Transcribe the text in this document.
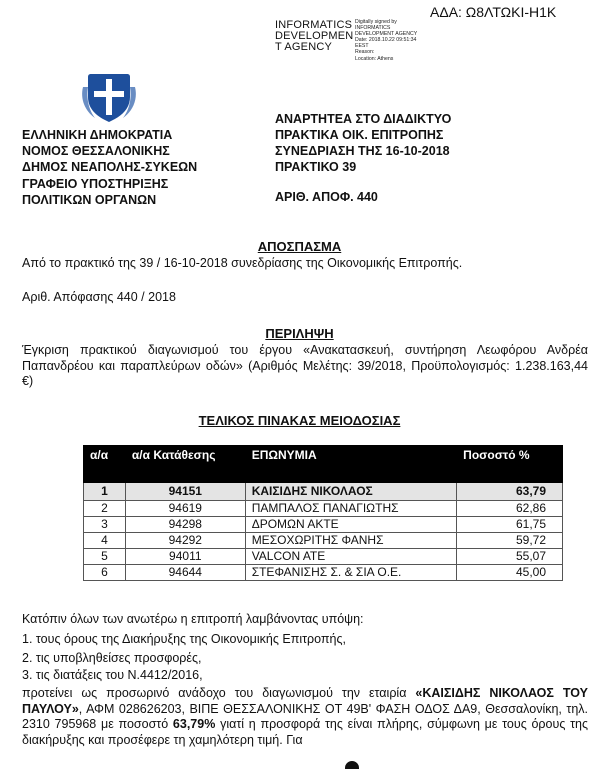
ΑΔΑ: Ω8ΛΤΩΚΙ-Η1Κ
INFORMATICS
DEVELOPMEN
T AGENCY
Digitally signed by
INFORMATICS
DEVELOPMENT AGENCY
Date: 2018.10.22 09:51:34
EEST
Reason:
Location: Athens
ΕΛΛΗΝΙΚΗ ΔΗΜΟΚΡΑΤΙΑ
ΝΟΜΟΣ ΘΕΣΣΑΛΟΝΙΚΗΣ
ΔΗΜΟΣ ΝΕΑΠΟΛΗΣ-ΣΥΚΕΩΝ
ΓΡΑΦΕΙΟ ΥΠΟΣΤΗΡΙΞΗΣ
ΠΟΛΙΤΙΚΩΝ ΟΡΓΑΝΩΝ
ΑΝΑΡΤΗΤΕΑ ΣΤΟ ΔΙΑΔΙΚΤΥΟ
ΠΡΑΚΤΙΚΑ ΟΙΚ. ΕΠΙΤΡΟΠΗΣ
ΣΥΝΕΔΡΙΑΣΗ ΤΗΣ 16-10-2018
ΠΡΑΚΤΙΚΟ 39
ΑΡΙΘ. ΑΠΟΦ. 440
ΑΠΟΣΠΑΣΜΑ
Από το πρακτικό της 39 / 16-10-2018 συνεδρίασης της Οικονομικής Επιτροπής.
Αριθ. Απόφασης 440 / 2018
ΠΕΡΙΛΗΨΗ
Έγκριση πρακτικού διαγωνισμού του έργου «Ανακατασκευή, συντήρηση Λεωφόρου Ανδρέα Παπανδρέου και παραπλεύρων οδών» (Αριθμός Μελέτης: 39/2018, Προϋπολογισμός: 1.238.163,44 €)
ΤΕΛΙΚΟΣ ΠΙΝΑΚΑΣ ΜΕΙΟΔΟΣΙΑΣ
α/α	α/α Κατάθεσης	ΕΠΩΝΥΜΙΑ	Ποσοστό %
1	94151	ΚΑΙΣΙΔΗΣ ΝΙΚΟΛΑΟΣ	63,79
2	94619	ΠΑΜΠΑΛΟΣ ΠΑΝΑΓΙΩΤΗΣ	62,86
3	94298	ΔΡΟΜΩΝ ΑΚΤΕ	61,75
4	94292	ΜΕΣΟΧΩΡΙΤΗΣ ΦΑΝΗΣ	59,72
5	94011	VALCON ATE	55,07
6	94644	ΣΤΕΦΑΝΙΣΗΣ Σ. & ΣΙΑ Ο.Ε.	45,00
Κατόπιν όλων των ανωτέρω η επιτροπή λαμβάνοντας υπόψη:
1. τους όρους της Διακήρυξης της Οικονομικής Επιτροπής,
2. τις υποβληθείσες προσφορές,
3. τις διατάξεις του Ν.4412/2016,
προτείνει ως προσωρινό ανάδοχο του διαγωνισμού την εταιρία «ΚΑΙΣΙΔΗΣ ΝΙΚΟΛΑΟΣ ΤΟΥ ΠΑΥΛΟΥ», ΑΦΜ 028626203, ΒΙΠΕ ΘΕΣΣΑΛΟΝΙΚΗΣ ΟΤ 49Β' ΦΑΣΗ ΟΔΟΣ ΔΑ9, Θεσσαλονίκη, τηλ. 2310 795968 με ποσοστό 63,79% γιατί η προσφορά της είναι πλήρης, σύμφωνη με τους όρους της διακήρυξης και προσέφερε τη χαμηλότερη τιμή. Για
